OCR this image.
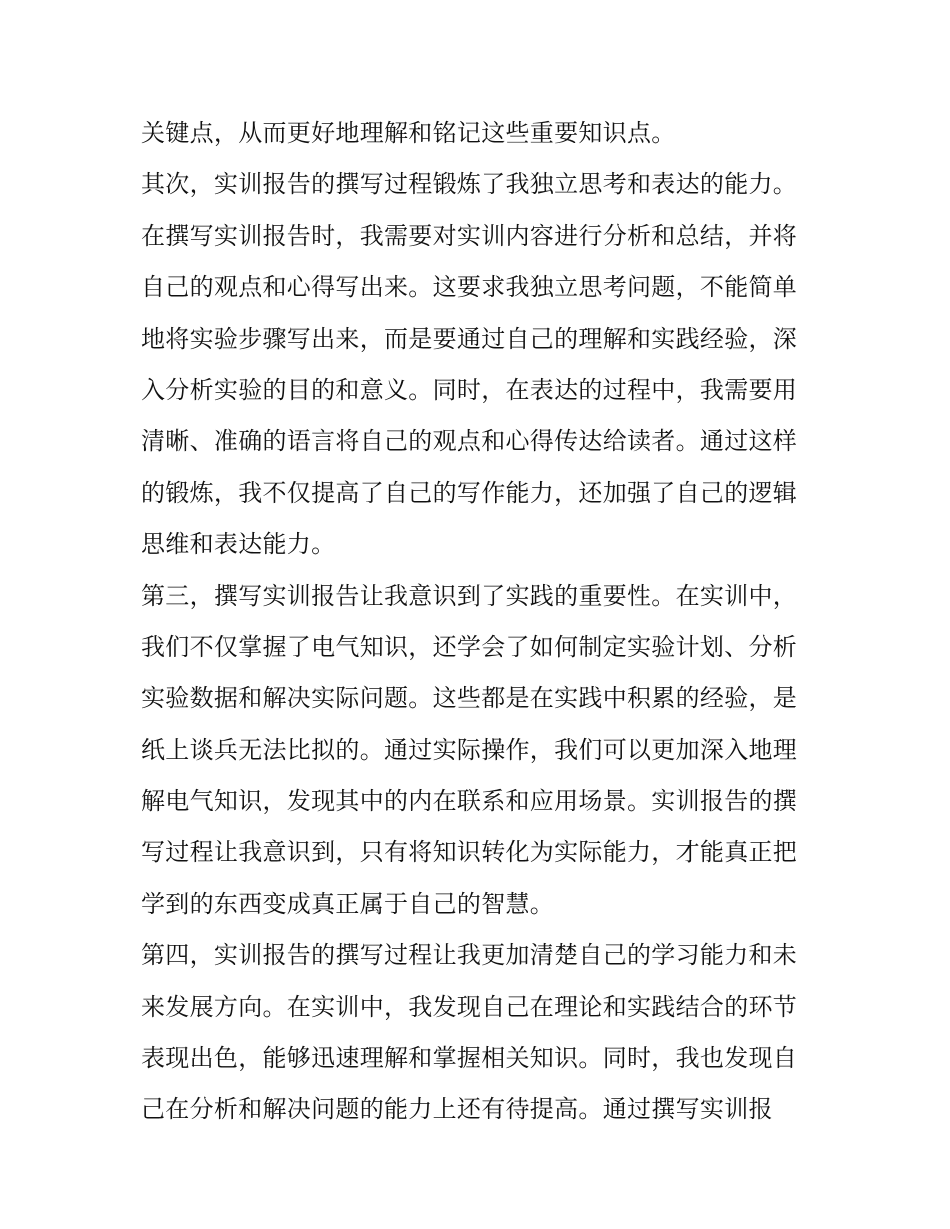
关键点，从而更好地理解和铭记这些重要知识点。
其次，实训报告的撰写过程锻炼了我独立思考和表达的能力。
在撰写实训报告时，我需要对实训内容进行分析和总结，并将
自己的观点和心得写出来。这要求我独立思考问题，不能简单
地将实验步骤写出来，而是要通过自己的理解和实践经验，深
入分析实验的目的和意义。同时，在表达的过程中，我需要用
清晰、准确的语言将自己的观点和心得传达给读者。通过这样
的锻炼，我不仅提高了自己的写作能力，还加强了自己的逻辑
思维和表达能力。
第三，撰写实训报告让我意识到了实践的重要性。在实训中，
我们不仅掌握了电气知识，还学会了如何制定实验计划、分析
实验数据和解决实际问题。这些都是在实践中积累的经验，是
纸上谈兵无法比拟的。通过实际操作，我们可以更加深入地理
解电气知识，发现其中的内在联系和应用场景。实训报告的撰
写过程让我意识到，只有将知识转化为实际能力，才能真正把
学到的东西变成真正属于自己的智慧。
第四，实训报告的撰写过程让我更加清楚自己的学习能力和未
来发展方向。在实训中，我发现自己在理论和实践结合的环节
表现出色，能够迅速理解和掌握相关知识。同时，我也发现自
己在分析和解决问题的能力上还有待提高。通过撰写实训报
